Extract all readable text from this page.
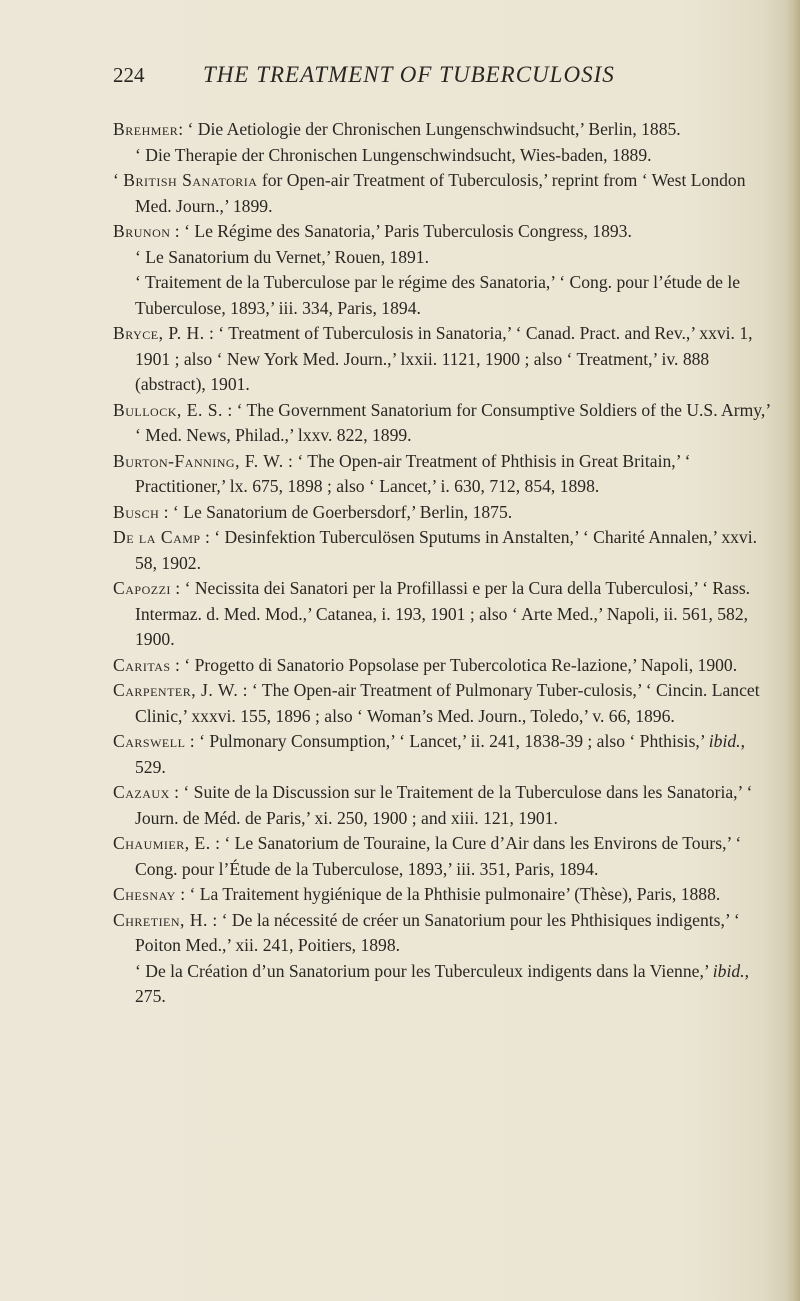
224	THE TREATMENT OF TUBERCULOSIS

Brehmer: ‘ Die Aetiologie der Chronischen Lungenschwindsucht,’ Berlin, 1885.

‘ Die Therapie der Chronischen Lungenschwindsucht, Wies-baden, 1889.

‘ British Sanatoria for Open-air Treatment of Tuberculosis,’ reprint from ‘ West London Med. Journ.,’ 1899.

Brunon : ‘ Le Régime des Sanatoria,’ Paris Tuberculosis Congress, 1893.

‘ Le Sanatorium du Vernet,’ Rouen, 1891.

‘ Traitement de la Tuberculose par le régime des Sanatoria,’ ‘ Cong. pour l’étude de le Tuberculose, 1893,’ iii. 334, Paris, 1894.

Bryce, P. H. : ‘ Treatment of Tuberculosis in Sanatoria,’ ‘ Canad. Pract. and Rev.,’ xxvi. 1, 1901 ; also ‘ New York Med. Journ.,’ lxxii. 1121, 1900 ; also ‘ Treatment,’ iv. 888 (abstract), 1901.

Bullock, E. S. : ‘ The Government Sanatorium for Consumptive Soldiers of the U.S. Army,’ ‘ Med. News, Philad.,’ lxxv. 822, 1899.

Burton-Fanning, F. W. : ‘ The Open-air Treatment of Phthisis in Great Britain,’ ‘ Practitioner,’ lx. 675, 1898 ; also ‘ Lancet,’ i. 630, 712, 854, 1898.

Busch : ‘ Le Sanatorium de Goerbersdorf,’ Berlin, 1875.

De la Camp : ‘ Desinfektion Tuberculösen Sputums in Anstalten,’ ‘ Charité Annalen,’ xxvi. 58, 1902.

Capozzi : ‘ Necissita dei Sanatori per la Profillassi e per la Cura della Tuberculosi,’ ‘ Rass. Intermaz. d. Med. Mod.,’ Catanea, i. 193, 1901 ; also ‘ Arte Med.,’ Napoli, ii. 561, 582, 1900.

Caritas : ‘ Progetto di Sanatorio Popsolase per Tubercolotica Re-lazione,’ Napoli, 1900.

Carpenter, J. W. : ‘ The Open-air Treatment of Pulmonary Tuber-culosis,’ ‘ Cincin. Lancet Clinic,’ xxxvi. 155, 1896 ; also ‘ Woman’s Med. Journ., Toledo,’ v. 66, 1896.

Carswell : ‘ Pulmonary Consumption,’ ‘ Lancet,’ ii. 241, 1838-39 ; also ‘ Phthisis,’ ibid., 529.

Cazaux : ‘ Suite de la Discussion sur le Traitement de la Tuberculose dans les Sanatoria,’ ‘ Journ. de Méd. de Paris,’ xi. 250, 1900 ; and xiii. 121, 1901.

Chaumier, E. : ‘ Le Sanatorium de Touraine, la Cure d’Air dans les Environs de Tours,’ ‘ Cong. pour l’Étude de la Tuberculose, 1893,’ iii. 351, Paris, 1894.

Chesnay : ‘ La Traitement hygiénique de la Phthisie pulmonaire’ (Thèse), Paris, 1888.

Chretien, H. : ‘ De la nécessité de créer un Sanatorium pour les Phthisiques indigents,’ ‘ Poiton Med.,’ xii. 241, Poitiers, 1898.

‘ De la Création d’un Sanatorium pour les Tuberculeux indigents dans la Vienne,’ ibid., 275.
